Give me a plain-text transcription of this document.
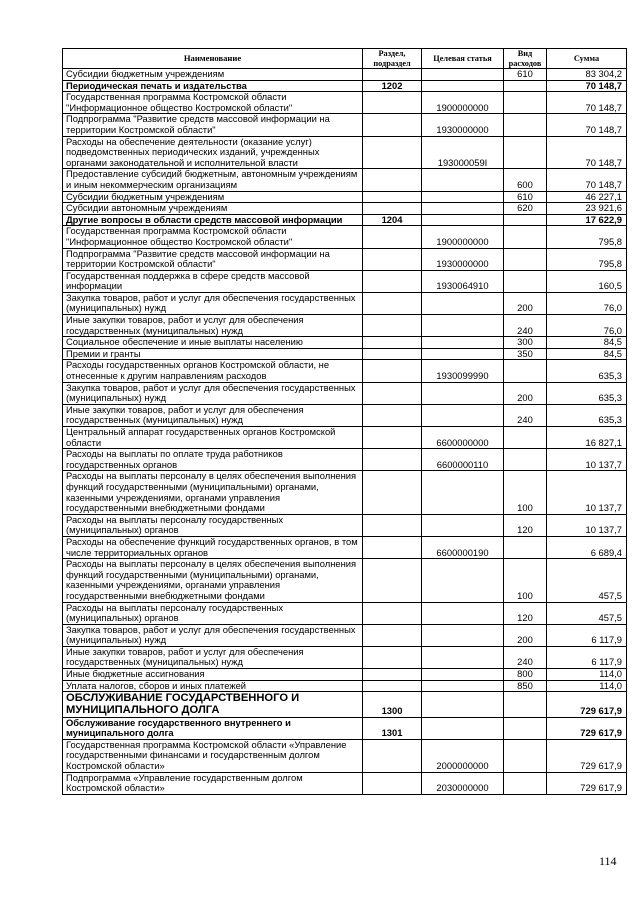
Наименование	Раздел, подраздел	Целевая статья	Вид расходов	Сумма
Субсидии бюджетным учреждениям			610	83 304,2
Периодическая печать и издательства	1202			70 148,7
Государственная программа Костромской области "Информационное общество Костромской области"		1900000000		70 148,7
Подпрограмма "Развитие средств массовой информации на территории Костромской области"		1930000000		70 148,7
Расходы на обеспечение деятельности (оказание услуг) подведомственных периодических изданий, учрежденных органами законодательной и исполнительной власти		193000059I		70 148,7
Предоставление субсидий бюджетным, автономным учреждениям и иным некоммерческим организациям			600	70 148,7
Субсидии бюджетным учреждениям			610	46 227,1
Субсидии автономным учреждениям			620	23 921,6
Другие вопросы в области средств массовой информации	1204			17 622,9
Государственная программа Костромской области "Информационное общество Костромской области"		1900000000		795,8
Подпрограмма "Развитие средств массовой информации на территории Костромской области"		1930000000		795,8
Государственная поддержка в сфере средств массовой информации		1930064910		160,5
Закупка товаров, работ и услуг для обеспечения государственных (муниципальных) нужд			200	76,0
Иные закупки товаров, работ и услуг для обеспечения государственных (муниципальных) нужд			240	76,0
Социальное обеспечение и иные выплаты населению			300	84,5
Премии и гранты			350	84,5
Расходы государственных органов Костромской области, не отнесенные к другим направлениям расходов		1930099990		635,3
Закупка товаров, работ и услуг для обеспечения государственных (муниципальных) нужд			200	635,3
Иные закупки товаров, работ и услуг для обеспечения государственных (муниципальных) нужд			240	635,3
Центральный аппарат государственных органов Костромской области		6600000000		16 827,1
Расходы на выплаты по оплате труда работников государственных органов		6600000110		10 137,7
Расходы на выплаты персоналу в целях обеспечения выполнения функций государственными (муниципальными) органами, казенными учреждениями, органами управления государственными внебюджетными фондами			100	10 137,7
Расходы на выплаты персоналу государственных (муниципальных) органов			120	10 137,7
Расходы на обеспечение функций государственных органов, в том числе территориальных органов		6600000190		6 689,4
Расходы на выплаты персоналу в целях обеспечения выполнения функций государственными (муниципальными) органами, казенными учреждениями, органами управления государственными внебюджетными фондами			100	457,5
Расходы на выплаты персоналу государственных (муниципальных) органов			120	457,5
Закупка товаров, работ и услуг для обеспечения государственных (муниципальных) нужд			200	6 117,9
Иные закупки товаров, работ и услуг для обеспечения государственных (муниципальных) нужд			240	6 117,9
Иные бюджетные ассигнования			800	114,0
Уплата налогов, сборов и иных платежей			850	114,0
ОБСЛУЖИВАНИЕ ГОСУДАРСТВЕННОГО И МУНИЦИПАЛЬНОГО ДОЛГА	1300			729 617,9
Обслуживание государственного внутреннего и муниципального долга	1301			729 617,9
Государственная программа Костромской области «Управление государственными финансами и государственным долгом Костромской области»		2000000000		729 617,9
Подпрограмма «Управление государственным долгом Костромской области»		2030000000		729 617,9
114
